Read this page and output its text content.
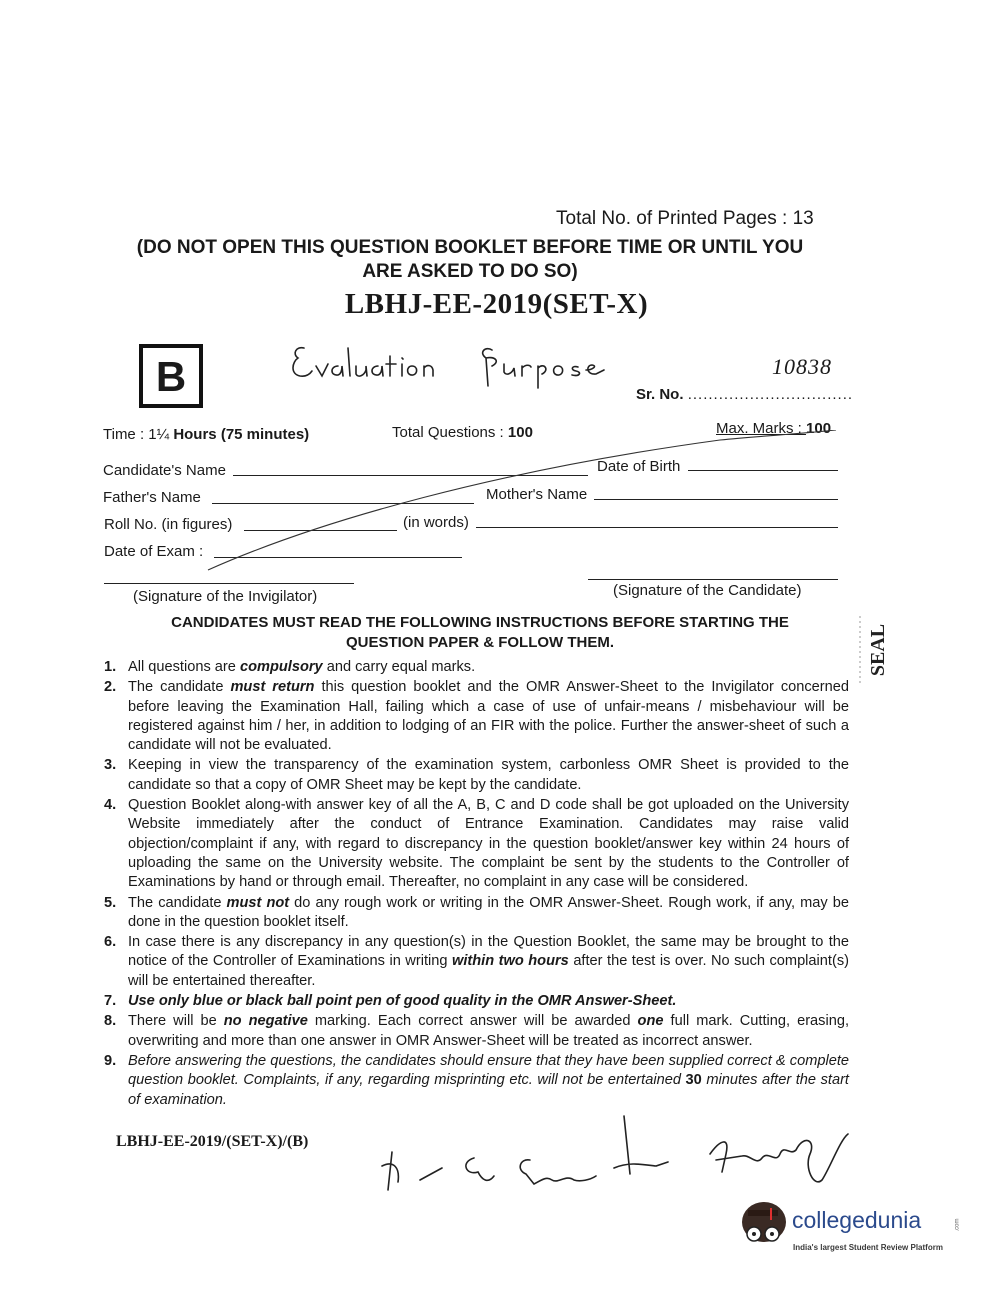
Total No. of Printed Pages : 13
(DO NOT OPEN THIS QUESTION BOOKLET BEFORE TIME OR UNTIL YOU
ARE ASKED TO DO SO)
LBHJ-EE-2019(SET-X)
B	10838
Sr. No. ................................
Time : 1¼ Hours (75 minutes)	Total Questions : 100	Max. Marks : 100
Candidate's Name	Date of Birth
Father's Name	Mother's Name
Roll No. (in figures)	(in words)
Date of Exam :
(Signature of the Invigilator)	(Signature of the Candidate)
CANDIDATES MUST READ THE FOLLOWING INSTRUCTIONS BEFORE STARTING THE
QUESTION PAPER & FOLLOW THEM.
1. All questions are compulsory and carry equal marks.
2. The candidate must return this question booklet and the OMR Answer-Sheet to the Invigilator concerned before leaving the Examination Hall, failing which a case of use of unfair-means / misbehaviour will be registered against him / her, in addition to lodging of an FIR with the police. Further the answer-sheet of such a candidate will not be evaluated.
3. Keeping in view the transparency of the examination system, carbonless OMR Sheet is provided to the candidate so that a copy of OMR Sheet may be kept by the candidate.
4. Question Booklet along-with answer key of all the A, B, C and D code shall be got uploaded on the University Website immediately after the conduct of Entrance Examination. Candidates may raise valid objection/complaint if any, with regard to discrepancy in the question booklet/answer key within 24 hours of uploading the same on the University website. The complaint be sent by the students to the Controller of Examinations by hand or through email. Thereafter, no complaint in any case will be considered.
5. The candidate must not do any rough work or writing in the OMR Answer-Sheet. Rough work, if any, may be done in the question booklet itself.
6. In case there is any discrepancy in any question(s) in the Question Booklet, the same may be brought to the notice of the Controller of Examinations in writing within two hours after the test is over. No such complaint(s) will be entertained thereafter.
7. Use only blue or black ball point pen of good quality in the OMR Answer-Sheet.
8. There will be no negative marking. Each correct answer will be awarded one full mark. Cutting, erasing, overwriting and more than one answer in OMR Answer-Sheet will be treated as incorrect answer.
9. Before answering the questions, the candidates should ensure that they have been supplied correct & complete question booklet. Complaints, if any, regarding misprinting etc. will not be entertained 30 minutes after the start of examination.
SEAL
LBHJ-EE-2019/(SET-X)/(B)
collegedunia	.com
India's largest Student Review Platform
